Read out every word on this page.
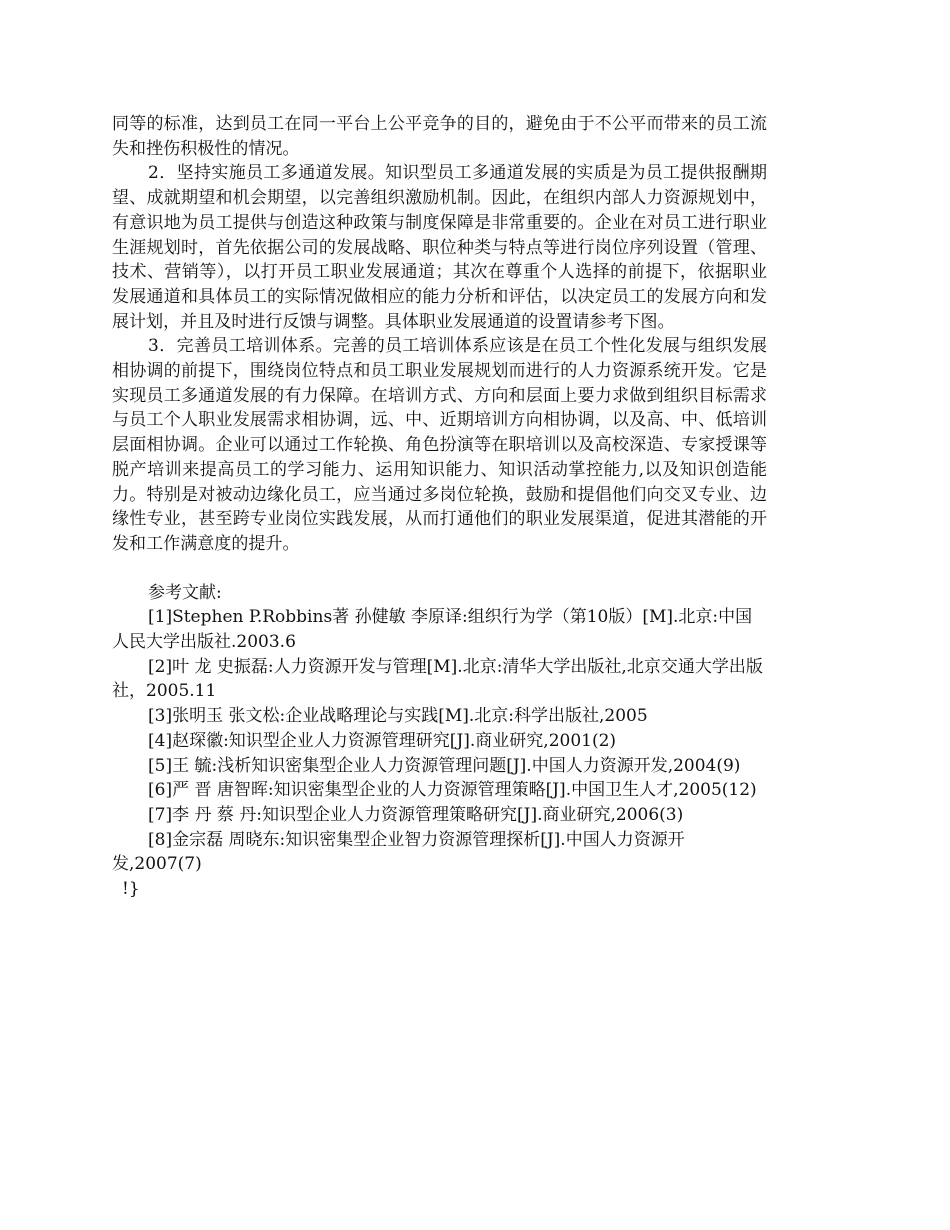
同等的标准，达到员工在同一平台上公平竞争的目的，避免由于不公平而带来的员工流失和挫伤积极性的情况。

2．坚持实施员工多通道发展。知识型员工多通道发展的实质是为员工提供报酬期望、成就期望和机会期望，以完善组织激励机制。因此，在组织内部人力资源规划中，有意识地为员工提供与创造这种政策与制度保障是非常重要的。企业在对员工进行职业生涯规划时，首先依据公司的发展战略、职位种类与特点等进行岗位序列设置（管理、技术、营销等），以打开员工职业发展通道；其次在尊重个人选择的前提下，依据职业发展通道和具体员工的实际情况做相应的能力分析和评估，以决定员工的发展方向和发展计划，并且及时进行反馈与调整。具体职业发展通道的设置请参考下图。

3．完善员工培训体系。完善的员工培训体系应该是在员工个性化发展与组织发展相协调的前提下，围绕岗位特点和员工职业发展规划而进行的人力资源系统开发。它是实现员工多通道发展的有力保障。在培训方式、方向和层面上要力求做到组织目标需求与员工个人职业发展需求相协调，远、中、近期培训方向相协调，以及高、中、低培训层面相协调。企业可以通过工作轮换、角色扮演等在职培训以及高校深造、专家授课等脱产培训来提高员工的学习能力、运用知识能力、知识活动掌控能力,以及知识创造能力。特别是对被动边缘化员工，应当通过多岗位轮换，鼓励和提倡他们向交叉专业、边缘性专业，甚至跨专业岗位实践发展，从而打通他们的职业发展渠道，促进其潜能的开发和工作满意度的提升。

参考文献:

[1]Stephen P.Robbins著 孙健敏 李原译:组织行为学（第10版）[M].北京:中国人民大学出版社.2003.6

[2]叶 龙 史振磊:人力资源开发与管理[M].北京:清华大学出版社,北京交通大学出版社，2005.11

[3]张明玉 张文松:企业战略理论与实践[M].北京:科学出版社,2005

[4]赵琛徽:知识型企业人力资源管理研究[J].商业研究,2001(2)

[5]王 毓:浅析知识密集型企业人力资源管理问题[J].中国人力资源开发,2004(9)

[6]严 晋 唐智晖:知识密集型企业的人力资源管理策略[J].中国卫生人才,2005(12)

[7]李 丹 蔡 丹:知识型企业人力资源管理策略研究[J].商业研究,2006(3)

[8]金宗磊 周晓东:知识密集型企业智力资源管理探析[J].中国人力资源开发,2007(7)

!}
